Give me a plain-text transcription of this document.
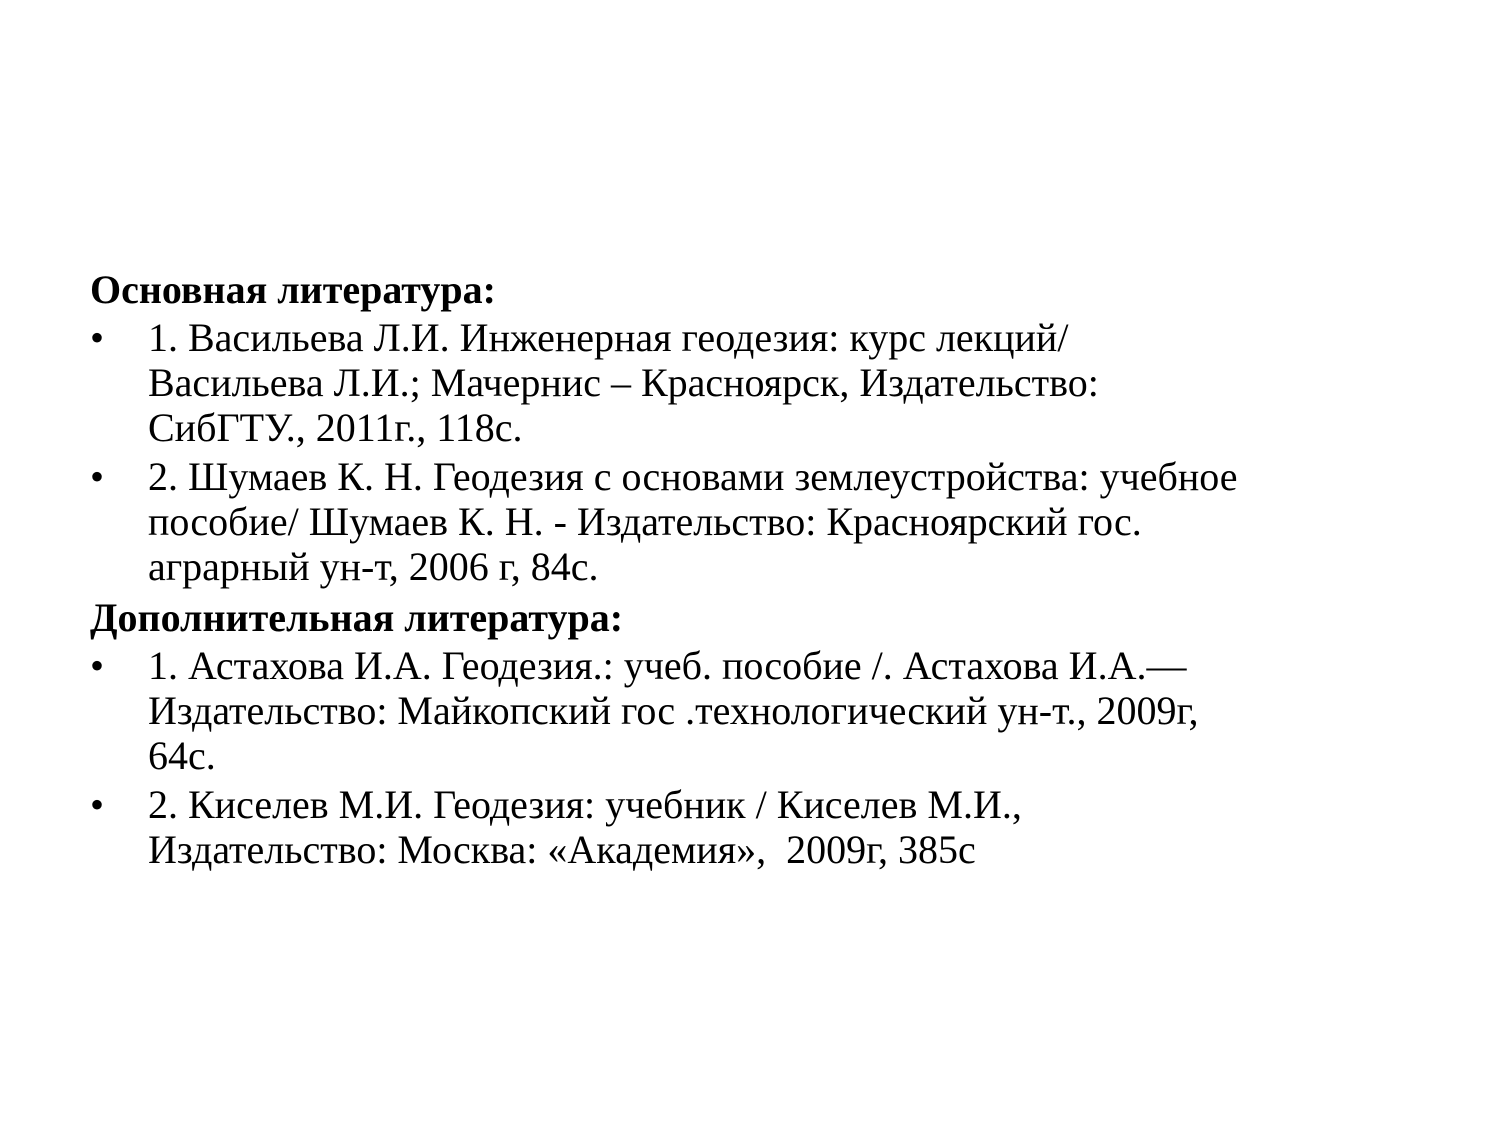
Основная литература:
• 1. Васильева Л.И. Инженерная геодезия: курс лекций/
Васильева Л.И.; Мачернис – Красноярск, Издательство:
СибГТУ., 2011г., 118с.
• 2. Шумаев К. Н. Геодезия с основами землеустройства: учебное
пособие/ Шумаев К. Н. - Издательство: Красноярский гос.
аграрный ун-т, 2006 г, 84с.
Дополнительная литература:
• 1. Астахова И.А. Геодезия.: учеб. пособие /. Астахова И.А.—
Издательство: Майкопский гос .технологический ун-т., 2009г,
64с.
• 2. Киселев М.И. Геодезия: учебник / Киселев М.И.,
Издательство: Москва: «Академия»,  2009г, 385с
